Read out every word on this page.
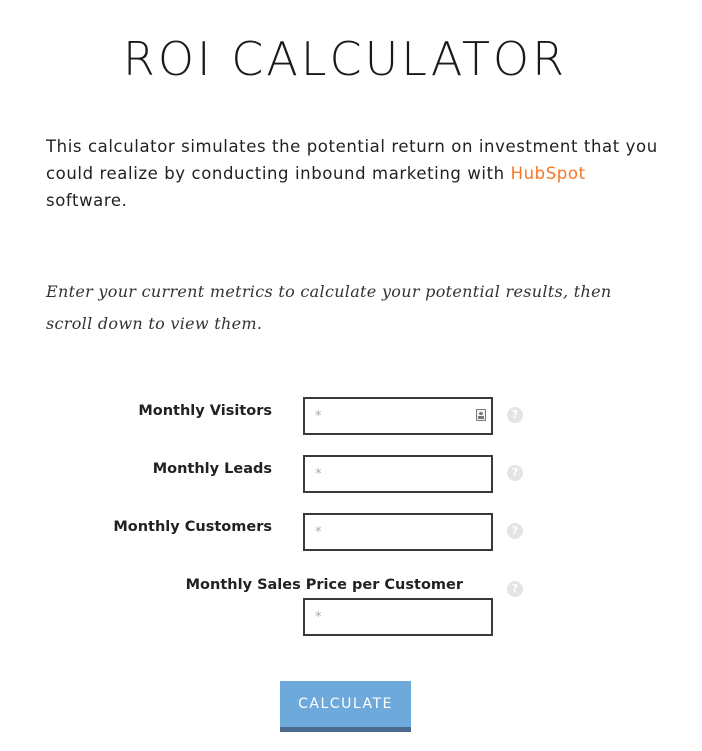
ROI CALCULATOR
This calculator simulates the potential return on investment that you could realize by conducting inbound marketing with HubSpot software.
Enter your current metrics to calculate your potential results, then scroll down to view them.
Monthly Visitors
*	?
Monthly Leads
*	?
Monthly Customers
*	?
Monthly Sales Price per Customer	?
*
CALCULATE
